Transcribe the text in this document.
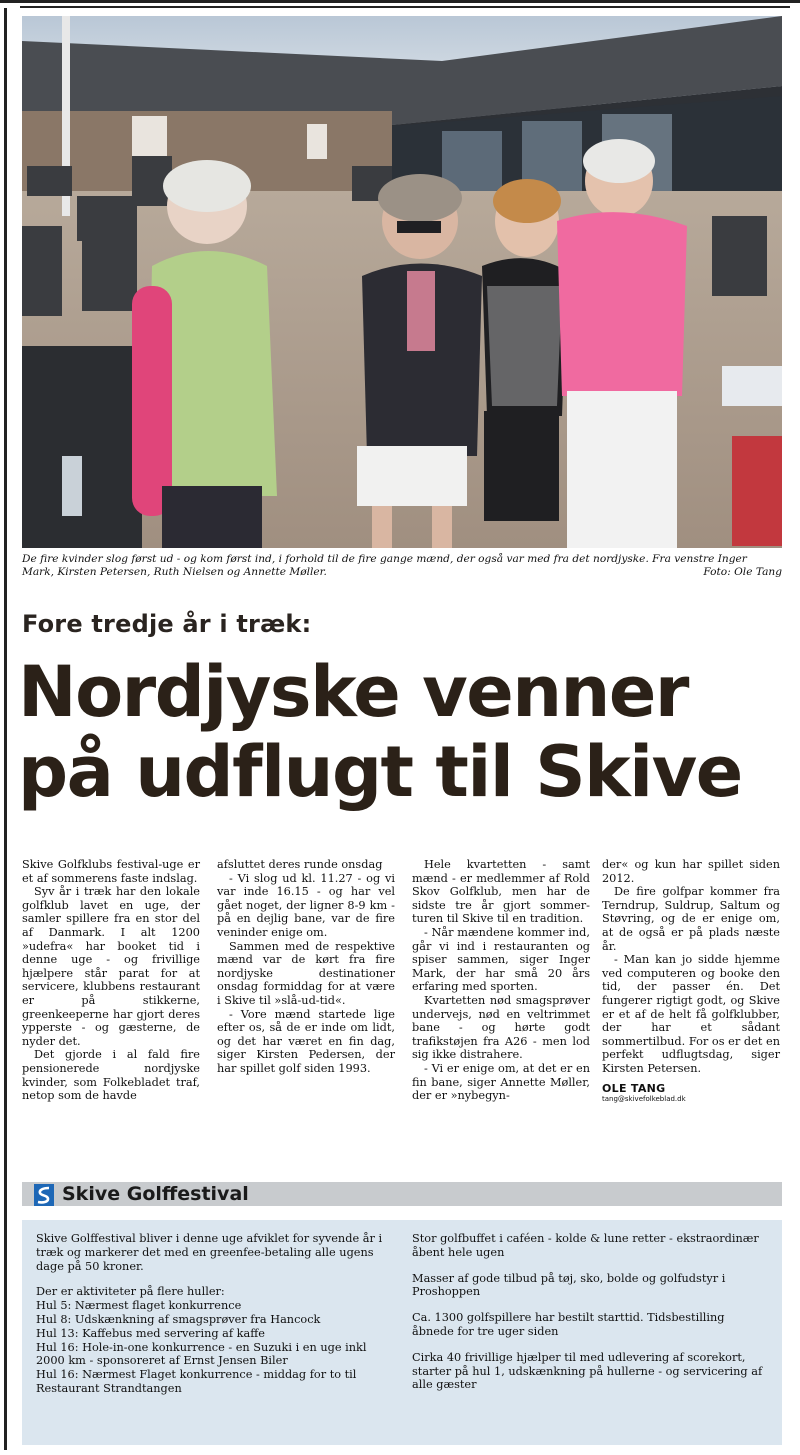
De fire kvinder slog først ud - og kom først ind, i forhold til de fire gange mænd, der også var med fra det nordjyske. Fra venstre Inger Mark, Kirsten Petersen, Ruth Nielsen og Annette Møller.	Foto: Ole Tang
Fore tredje år i træk:
Nordjyske venner
på udflugt til Skive

Skive Golfklubs festival-uge er et af sommerens faste indslag.

Syv år i træk har den lokale golfklub lavet en uge, der samler spillere fra en stor del af Danmark. I alt 1200 »udefra« har booket tid i denne uge - og frivillige hjælpere står parat for at servicere, klubbens restaurant er på stikkerne, greenkeeperne har gjort deres ypperste - og gæsterne, de nyder det.

Det gjorde i al fald fire pensionerede nordjyske kvinder, som Folkebladet traf, netop som de havde

afsluttet deres runde onsdag

- Vi slog ud kl. 11.27 - og vi var inde 16.15 - og har vel gået noget, der ligner 8-9 km - på en dejlig bane, var de fire veninder enige om.

Sammen med de respektive mænd var de kørt fra fire nordjyske destinationer onsdag formiddag for at være i Skive til »slå-ud-tid«.

- Vore mænd startede lige efter os, så de er inde om lidt, og det har været en fin dag, siger Kirsten Pedersen, der har spillet golf siden 1993.

Hele kvartetten - samt mænd - er medlemmer af Rold Skov Golfklub, men har de sidste tre år gjort sommer-turen til Skive til en tradition.

- Når mændene kommer ind, går vi ind i restauranten og spiser sammen, siger Inger Mark, der har små 20 års erfaring med sporten.

Kvartetten nød smagsprøver undervejs, nød en veltrimmet bane - og hørte godt trafikstøjen fra A26 - men lod sig ikke distrahere.

- Vi er enige om, at det er en fin bane, siger Annette Møller, der er »nybegyn-

der« og kun har spillet siden 2012.

De fire golfpar kommer fra Terndrup, Suldrup, Saltum og Støvring, og de er enige om, at de også er på plads næste år.

- Man kan jo sidde hjemme ved computeren og booke den tid, der passer én. Det fungerer rigtigt godt, og Skive er et af de helt få golfklubber, der har et sådant sommertilbud. For os er det en perfekt udflugtsdag, siger Kirsten Petersen.

OLE TANG
tang@skivefolkeblad.dk
Skive Golffestival

Skive Golffestival bliver i denne uge afviklet for syvende år i træk og markerer det med en greenfee-betaling alle ugens dage på 50 kroner.

Der er aktiviteter på flere huller:
Hul 5: Nærmest flaget konkurrence
Hul 8: Udskænkning af smagsprøver fra Hancock
Hul 13: Kaffebus med servering af kaffe
Hul 16: Hole-in-one konkurrence - en Suzuki i en uge inkl 2000 km - sponsoreret af Ernst Jensen Biler
Hul 16: Nærmest Flaget konkurrence - middag for to til Restaurant Strandtangen

Stor golfbuffet i caféen - kolde & lune retter - ekstraordinær åbent hele ugen

Masser af gode tilbud på tøj, sko, bolde og golfudstyr i Proshoppen

Ca. 1300 golfspillere har bestilt starttid. Tidsbestilling åbnede for tre uger siden

Cirka 40 frivillige hjælper til med udlevering af scorekort, starter på hul 1, udskænkning på hullerne - og servicering af alle gæster
